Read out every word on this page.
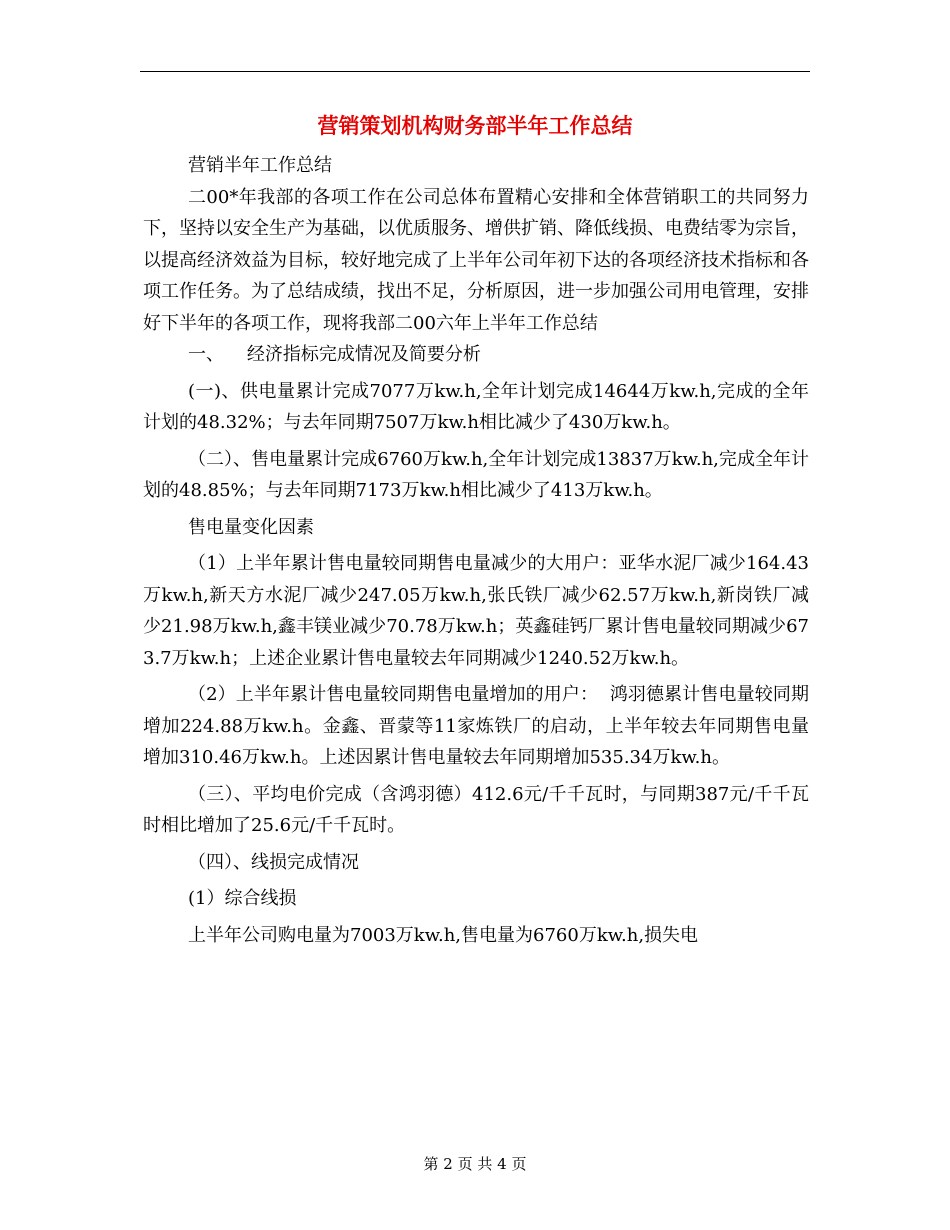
营销策划机构财务部半年工作总结

营销半年工作总结

二00*年我部的各项工作在公司总体布置精心安排和全体营销职工的共同努力下，坚持以安全生产为基础，以优质服务、增供扩销、降低线损、电费结零为宗旨，以提高经济效益为目标，较好地完成了上半年公司年初下达的各项经济技术指标和各项工作任务。为了总结成绩，找出不足，分析原因，进一步加强公司用电管理，安排好下半年的各项工作，现将我部二00六年上半年工作总结

一、    经济指标完成情况及简要分析

(一)、供电量累计完成7077万kw.h,全年计划完成14644万kw.h,完成的全年计划的48.32%；与去年同期7507万kw.h相比减少了430万kw.h。

（二）、售电量累计完成6760万kw.h,全年计划完成13837万kw.h,完成全年计划的48.85%；与去年同期7173万kw.h相比减少了413万kw.h。

售电量变化因素

（1）上半年累计售电量较同期售电量减少的大用户：亚华水泥厂减少164.43万kw.h,新天方水泥厂减少247.05万kw.h,张氏铁厂减少62.57万kw.h,新岗铁厂减少21.98万kw.h,鑫丰镁业减少70.78万kw.h；英鑫硅钙厂累计售电量较同期减少673.7万kw.h；上述企业累计售电量较去年同期减少1240.52万kw.h。

（2）上半年累计售电量较同期售电量增加的用户：  鸿羽德累计售电量较同期增加224.88万kw.h。金鑫、晋蒙等11家炼铁厂的启动，上半年较去年同期售电量增加310.46万kw.h。上述因累计售电量较去年同期增加535.34万kw.h。

（三）、平均电价完成（含鸿羽德）412.6元/千千瓦时，与同期387元/千千瓦时相比增加了25.6元/千千瓦时。

（四）、线损完成情况

(1）综合线损

上半年公司购电量为7003万kw.h,售电量为6760万kw.h,损失电

第 2 页 共 4 页
